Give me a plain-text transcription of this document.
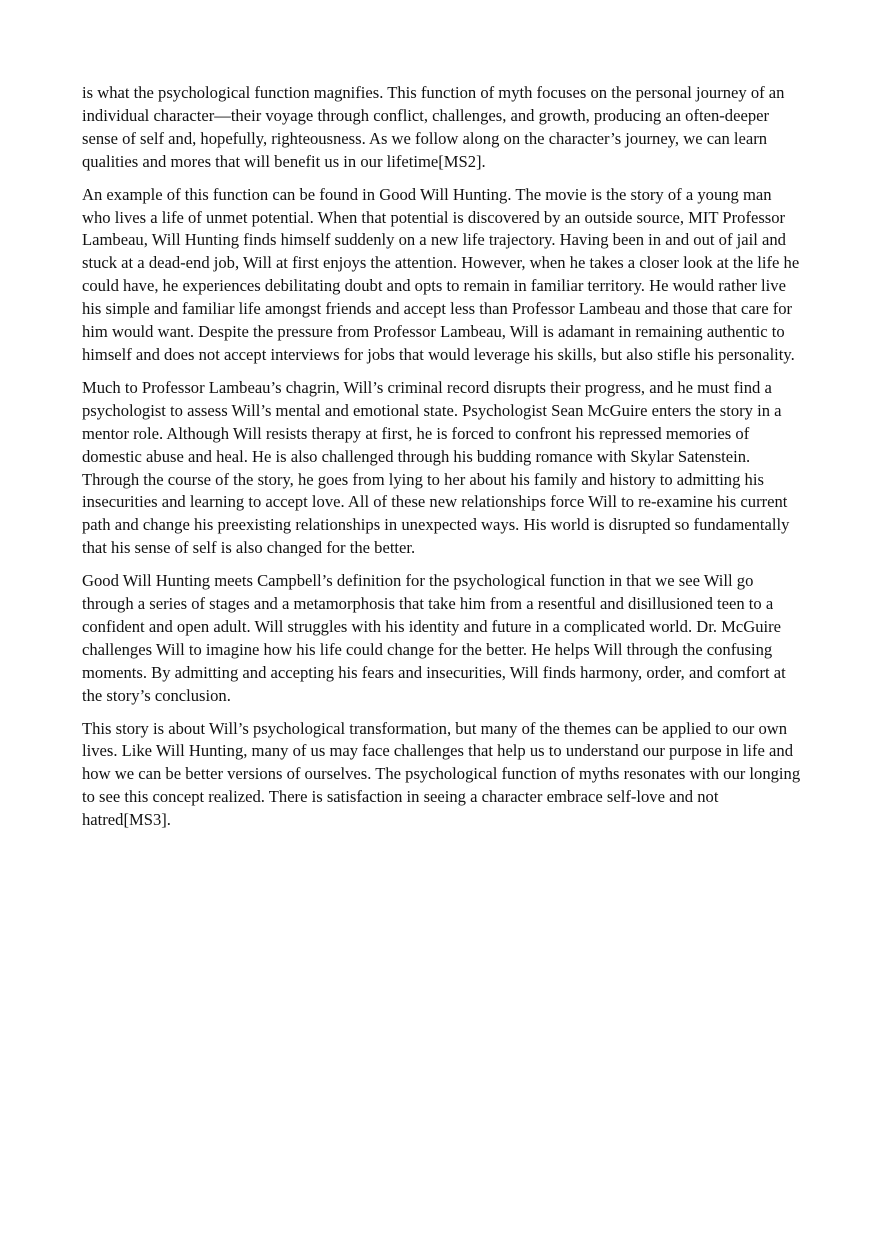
is what the psychological function magnifies. This function of myth focuses on the personal journey of an individual character—their voyage through conflict, challenges, and growth, producing an often-deeper sense of self and, hopefully, righteousness. As we follow along on the character’s journey, we can learn qualities and mores that will benefit us in our lifetime[MS2].

An example of this function can be found in Good Will Hunting. The movie is the story of a young man who lives a life of unmet potential. When that potential is discovered by an outside source, MIT Professor Lambeau, Will Hunting finds himself suddenly on a new life trajectory. Having been in and out of jail and stuck at a dead-end job, Will at first enjoys the attention. However, when he takes a closer look at the life he could have, he experiences debilitating doubt and opts to remain in familiar territory. He would rather live his simple and familiar life amongst friends and accept less than Professor Lambeau and those that care for him would want. Despite the pressure from Professor Lambeau, Will is adamant in remaining authentic to himself and does not accept interviews for jobs that would leverage his skills, but also stifle his personality.

Much to Professor Lambeau’s chagrin, Will’s criminal record disrupts their progress, and he must find a psychologist to assess Will’s mental and emotional state. Psychologist Sean McGuire enters the story in a mentor role. Although Will resists therapy at first, he is forced to confront his repressed memories of domestic abuse and heal. He is also challenged through his budding romance with Skylar Satenstein. Through the course of the story, he goes from lying to her about his family and history to admitting his insecurities and learning to accept love. All of these new relationships force Will to re-examine his current path and change his preexisting relationships in unexpected ways. His world is disrupted so fundamentally that his sense of self is also changed for the better.

Good Will Hunting meets Campbell’s definition for the psychological function in that we see Will go through a series of stages and a metamorphosis that take him from a resentful and disillusioned teen to a confident and open adult. Will struggles with his identity and future in a complicated world. Dr. McGuire challenges Will to imagine how his life could change for the better. He helps Will through the confusing moments. By admitting and accepting his fears and insecurities, Will finds harmony, order, and comfort at the story’s conclusion.

This story is about Will’s psychological transformation, but many of the themes can be applied to our own lives. Like Will Hunting, many of us may face challenges that help us to understand our purpose in life and how we can be better versions of ourselves. The psychological function of myths resonates with our longing to see this concept realized. There is satisfaction in seeing a character embrace self-love and not hatred[MS3].
